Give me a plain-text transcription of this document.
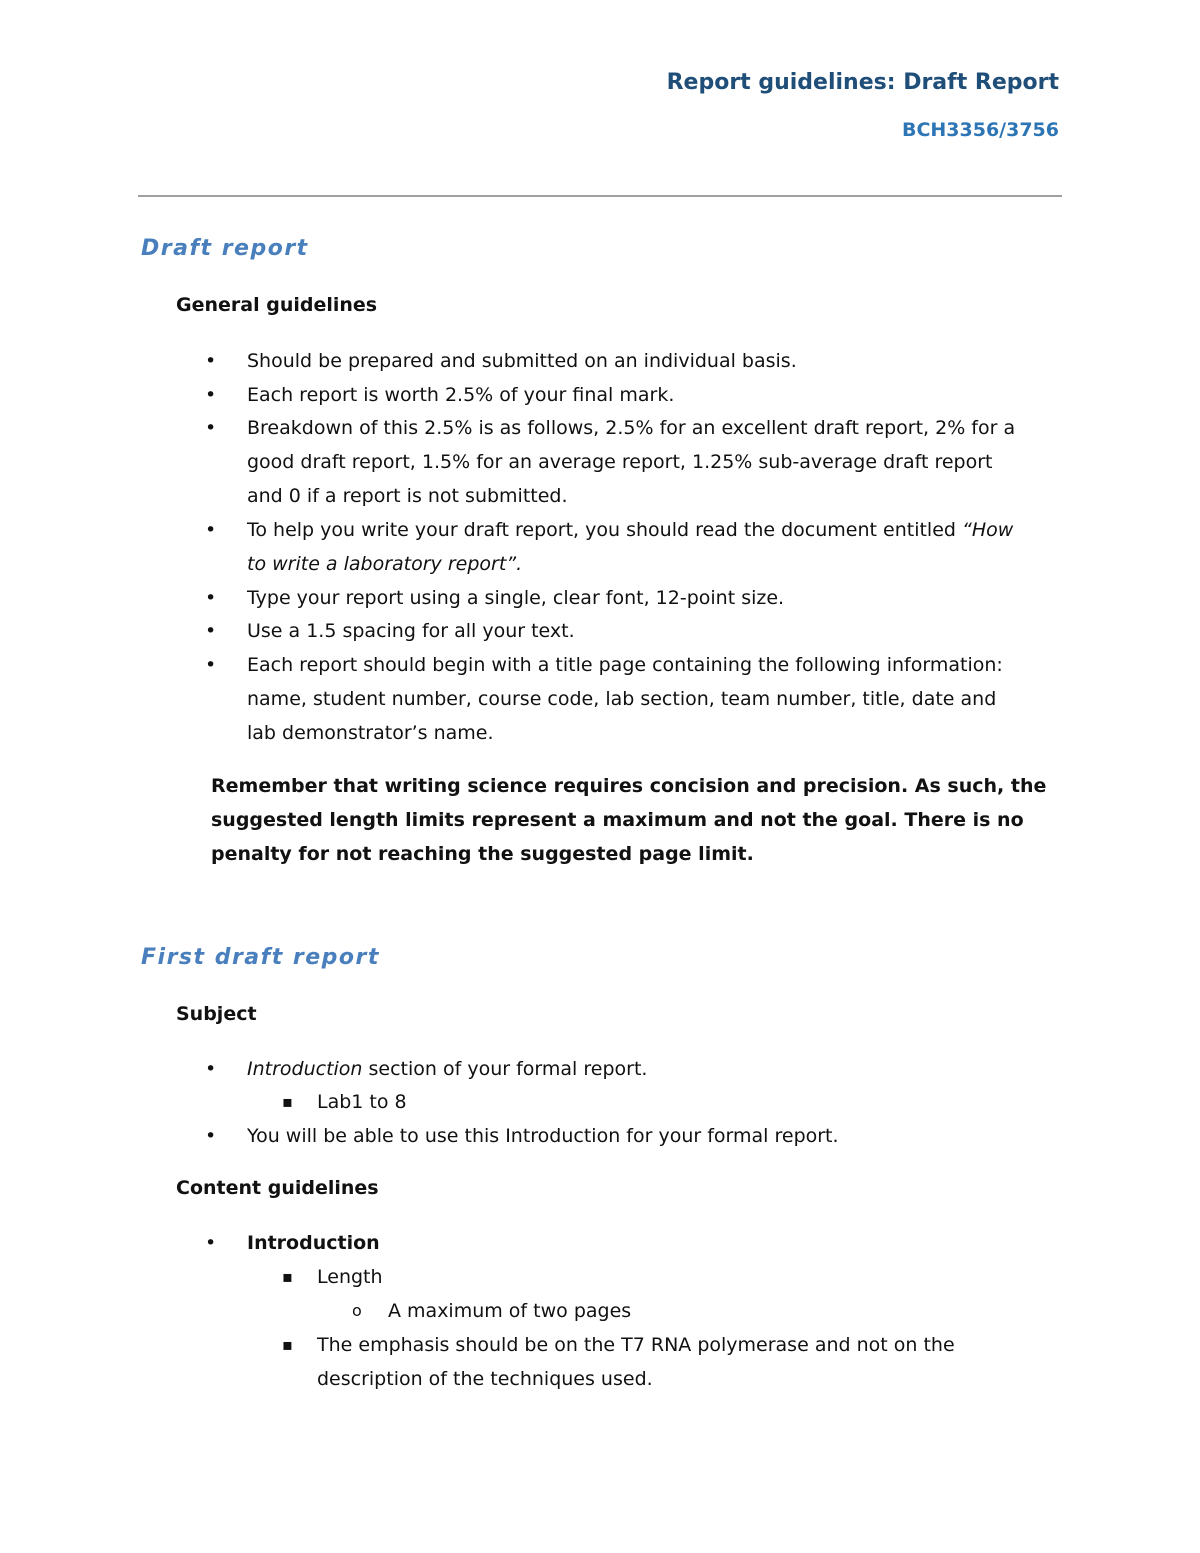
Report guidelines: Draft Report
BCH3356/3756
Draft report
General guidelines
• Should be prepared and submitted on an individual basis.
• Each report is worth 2.5% of your final mark.
• Breakdown of this 2.5% is as follows, 2.5% for an excellent draft report, 2% for a
good draft report, 1.5% for an average report, 1.25% sub-average draft report
and 0 if a report is not submitted.
• To help you write your draft report, you should read the document entitled “How
to write a laboratory report”.
• Type your report using a single, clear font, 12-point size.
• Use a 1.5 spacing for all your text.
• Each report should begin with a title page containing the following information:
name, student number, course code, lab section, team number, title, date and
lab demonstrator’s name.
Remember that writing science requires concision and precision. As such, the suggested length limits represent a maximum and not the goal. There is no penalty for not reaching the suggested page limit.
First draft report
Subject
• Introduction section of your formal report.
▪ Lab1 to 8
• You will be able to use this Introduction for your formal report.
Content guidelines
• Introduction
▪ Length
o A maximum of two pages
▪ The emphasis should be on the T7 RNA polymerase and not on the
description of the techniques used.
